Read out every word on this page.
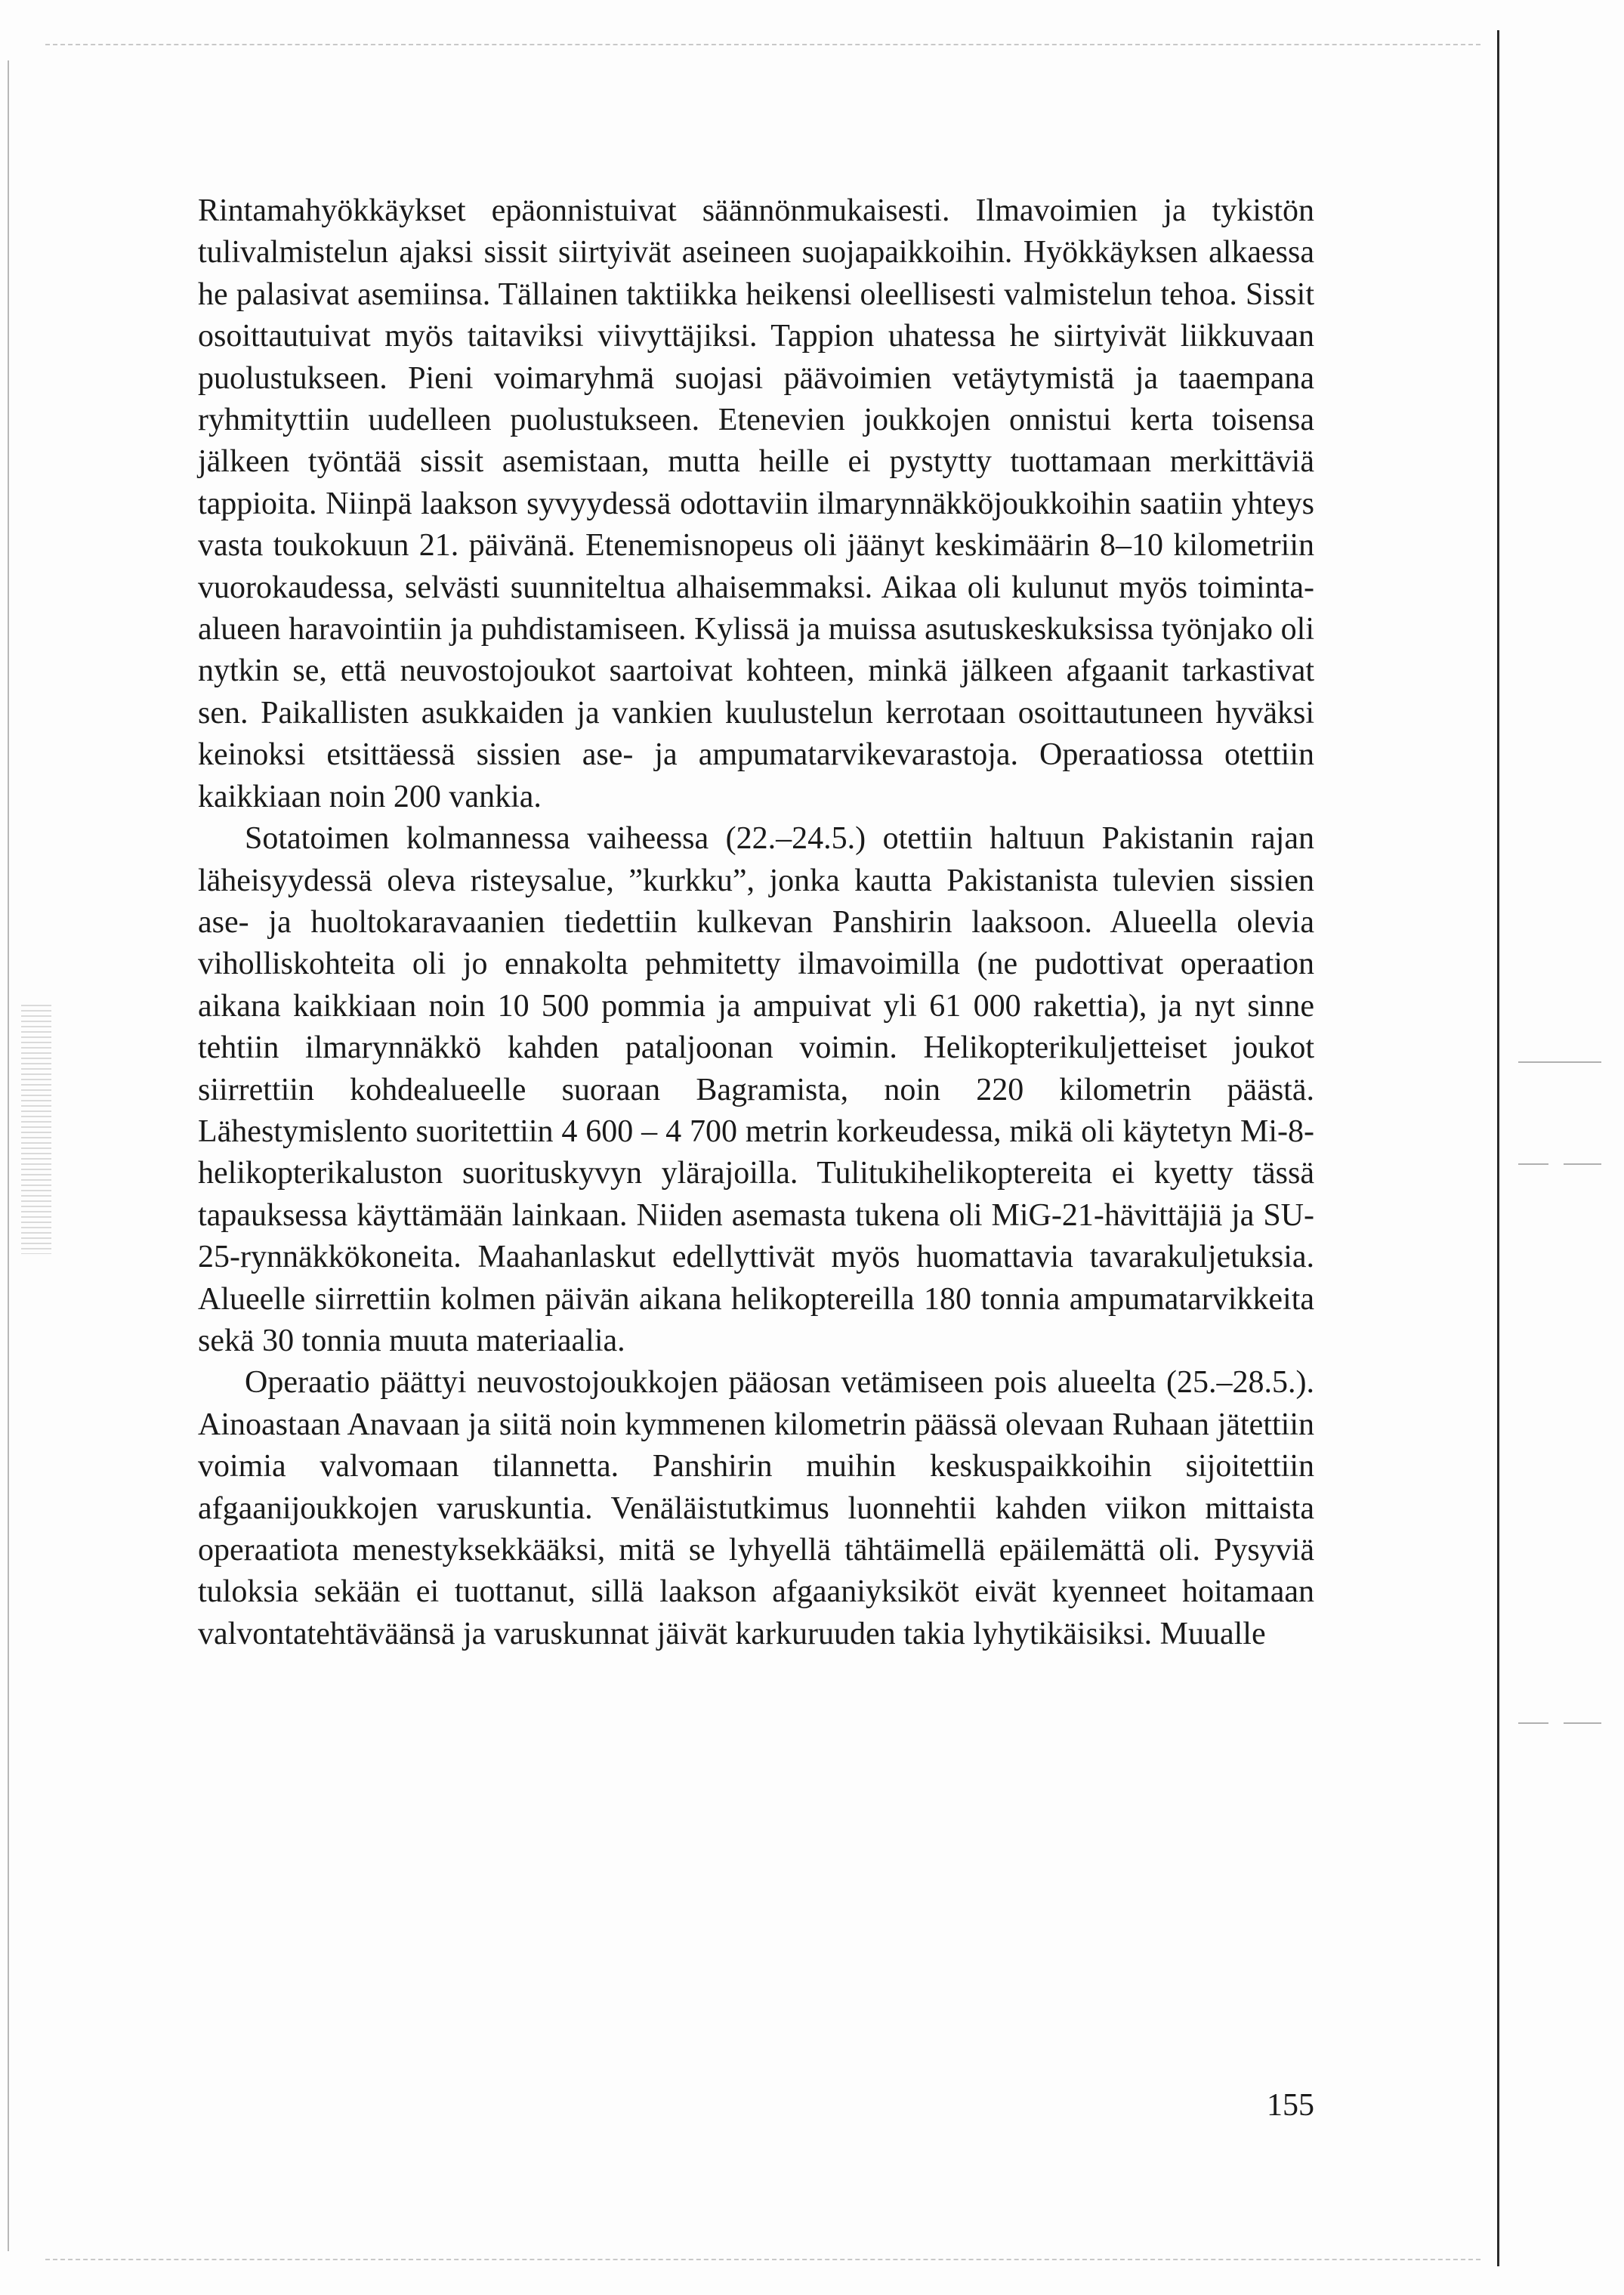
Rintamahyökkäykset epäonnistuivat säännönmukaisesti. Ilmavoimien ja tykistön tulivalmistelun ajaksi sissit siirtyivät aseineen suojapaikkoihin. Hyökkäyksen alkaessa he palasivat asemiinsa. Tällainen taktiikka heikensi oleellisesti valmistelun tehoa. Sissit osoittautuivat myös taitaviksi viivyttäjiksi. Tappion uhatessa he siirtyivät liikkuvaan puolustukseen. Pieni voimaryhmä suojasi päävoimien vetäytymistä ja taaempana ryhmityttiin uudelleen puolustukseen. Etenevien joukkojen onnistui kerta toisensa jälkeen työntää sissit asemistaan, mutta heille ei pystytty tuottamaan merkittäviä tappioita. Niinpä laakson syvyydessä odottaviin ilmarynnäkköjoukkoihin saatiin yhteys vasta toukokuun 21. päivänä. Etenemisnopeus oli jäänyt keskimäärin 8–10 kilometriin vuorokaudessa, selvästi suunniteltua alhaisemmaksi. Aikaa oli kulunut myös toiminta-alueen haravointiin ja puhdistamiseen. Kylissä ja muissa asutuskeskuksissa työnjako oli nytkin se, että neuvostojoukot saartoivat kohteen, minkä jälkeen afgaanit tarkastivat sen. Paikallisten asukkaiden ja vankien kuulustelun kerrotaan osoittautuneen hyväksi keinoksi etsittäessä sissien ase- ja ampumatarvikevarastoja. Operaatiossa otettiin kaikkiaan noin 200 vankia.

Sotatoimen kolmannessa vaiheessa (22.–24.5.) otettiin haltuun Pakistanin rajan läheisyydessä oleva risteysalue, ”kurkku”, jonka kautta Pakistanista tulevien sissien ase- ja huoltokaravaanien tiedettiin kulkevan Panshirin laaksoon. Alueella olevia viholliskohteita oli jo ennakolta pehmitetty ilmavoimilla (ne pudottivat operaation aikana kaikkiaan noin 10 500 pommia ja ampuivat yli 61 000 rakettia), ja nyt sinne tehtiin ilmarynnäkkö kahden pataljoonan voimin. Helikopterikuljetteiset joukot siirrettiin kohdealueelle suoraan Bagramista, noin 220 kilometrin päästä. Lähestymislento suoritettiin 4 600 – 4 700 metrin korkeudessa, mikä oli käytetyn Mi-8-helikopterikaluston suorituskyvyn ylärajoilla. Tulitukihelikoptereita ei kyetty tässä tapauksessa käyttämään lainkaan. Niiden asemasta tukena oli MiG-21-hävittäjiä ja SU-25-rynnäkkökoneita. Maahanlaskut edellyttivät myös huomattavia tavarakuljetuksia. Alueelle siirrettiin kolmen päivän aikana helikoptereilla 180 tonnia ampumatarvikkeita sekä 30 tonnia muuta materiaalia.

Operaatio päättyi neuvostojoukkojen pääosan vetämiseen pois alueelta (25.–28.5.). Ainoastaan Anavaan ja siitä noin kymmenen kilometrin päässä olevaan Ruhaan jätettiin voimia valvomaan tilannetta. Panshirin muihin keskuspaikkoihin sijoitettiin afgaanijoukkojen varuskuntia. Venäläistutkimus luonnehtii kahden viikon mittaista operaatiota menestyksekkääksi, mitä se lyhyellä tähtäimellä epäilemättä oli. Pysyviä tuloksia sekään ei tuottanut, sillä laakson afgaaniyksiköt eivät kyenneet hoitamaan valvontatehtäväänsä ja varuskunnat jäivät karkuruuden takia lyhytikäisiksi. Muualle

155
